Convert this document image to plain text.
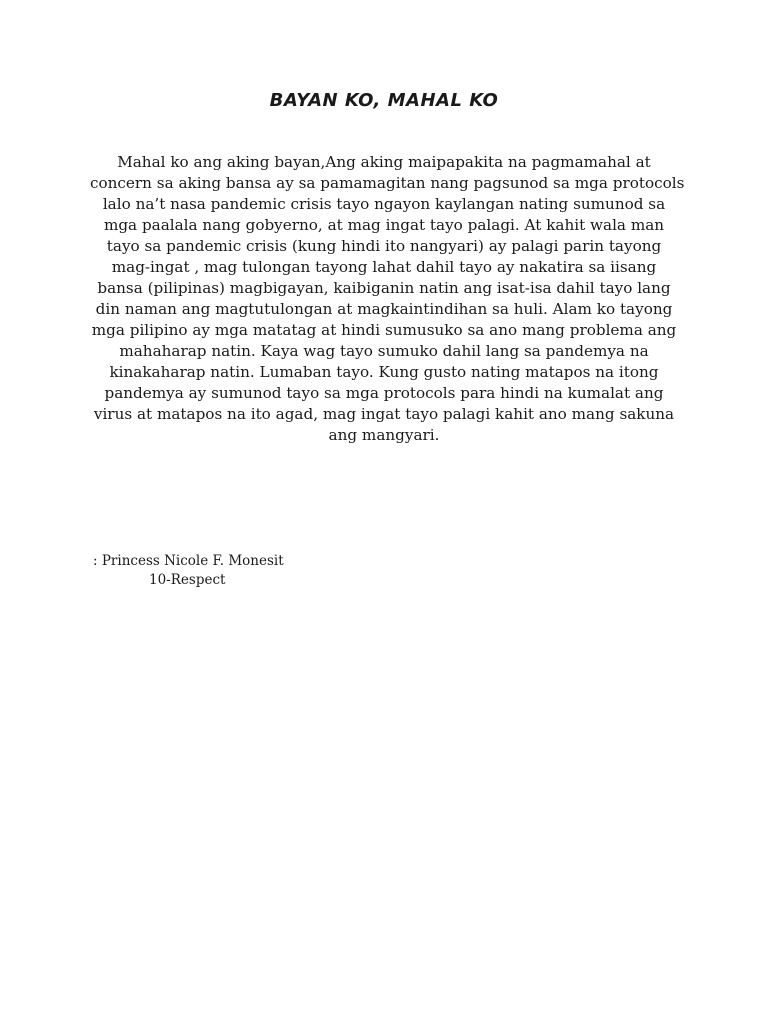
BAYAN KO, MAHAL KO

Mahal ko ang aking bayan,Ang aking maipapakita na pagmamahal at
concern sa aking bansa ay sa pamamagitan nang pagsunod sa mga protocols
lalo na’t nasa pandemic crisis tayo ngayon kaylangan nating sumunod sa
mga paalala nang gobyerno, at mag ingat tayo palagi. At kahit wala man
tayo sa pandemic crisis (kung hindi ito nangyari) ay palagi parin tayong
mag-ingat , mag tulongan tayong lahat dahil tayo ay nakatira sa iisang
bansa (pilipinas) magbigayan, kaibiganin natin ang isat-isa dahil tayo lang
din naman ang magtutulongan at magkaintindihan sa huli. Alam ko tayong
mga pilipino ay mga matatag at hindi sumusuko sa ano mang problema ang
mahaharap natin. Kaya wag tayo sumuko dahil lang sa pandemya na
kinakaharap natin. Lumaban tayo. Kung gusto nating matapos na itong
pandemya ay sumunod tayo sa mga protocols para hindi na kumalat ang
virus at matapos na ito agad, mag ingat tayo palagi kahit ano mang sakuna
ang mangyari.

: Princess Nicole F. Monesit
10-Respect
